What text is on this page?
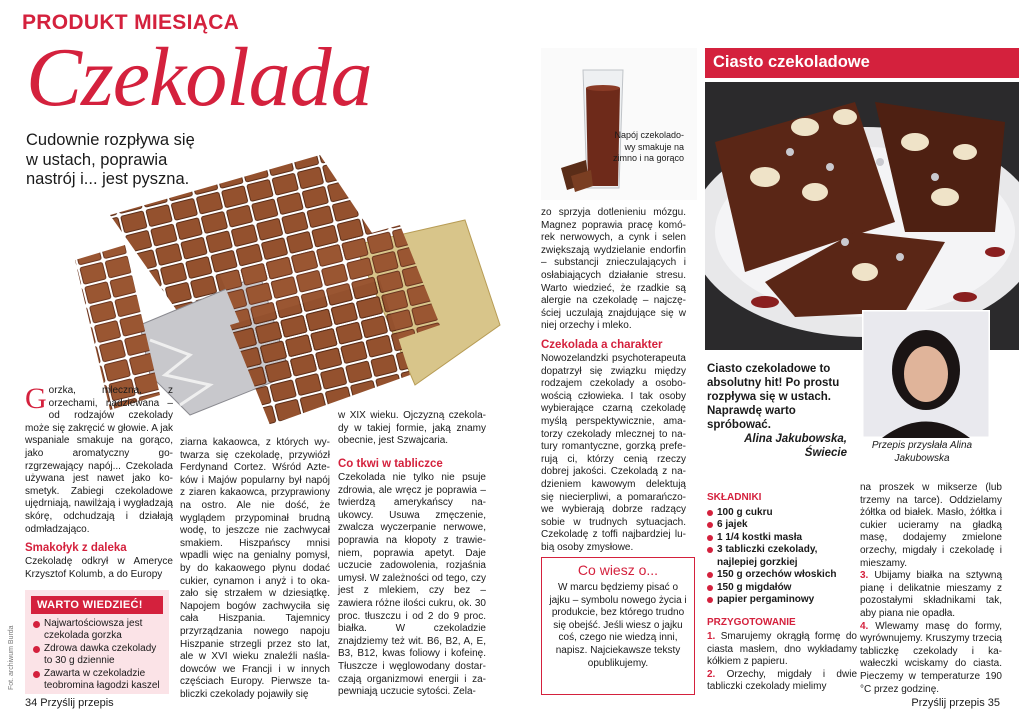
PRODUKT MIESIĄCA
Czekolada
Cudownie rozpływa się w ustach, poprawia nastrój i... jest pyszna.
Gorzka, mleczna, z orzechami, nadziewana – od rodzajów czekolady może się zakręcić w głowie. A jak wspaniale smakuje na gorąco, jako aromatyczny gorzgrzewający napój... Czekolada używana jest nawet jako kosmetyk. Zabiegi czekoladowe ujędrniają, nawilżają i wygładzają skórę, odchudzają i działają odmładzająco.
Smakołyk z daleka
Czekoladę odkrył w Ameryce Krzysztof Kolumb, a do Europy
WARTO WIEDZIEĆ!
Najwartościowsza jest czekolada gorzka
Zdrowa dawka czekolady to 30 g dziennie
Zawarta w czekoladzie teobromina łagodzi kaszel
Fot. archiwum Burda
ziarna kakaowca, z których wytwarza się czekoladę, przywiózł Ferdynand Cortez. Wśród Azteków i Majów popularny był napój z ziaren kakaowca, przyprawiony na ostro. Ale nie dość, że wyglądem przypominał brudną wodę, to jeszcze nie zachwycał smakiem. Hiszpańscy mnisi wpadli więc na genialny pomysł, by do kakaowego płynu dodać cukier, cynamon i anyż i to okazało się strzałem w dziesiątkę. Napojem bogów zachwyciła się cała Hiszpania. Tajemnicy przyrządzania nowego napoju Hiszpanie strzegli przez sto lat, ale w XVI wieku znaleźli naśladowców we Francji i w innych częściach Europy. Pierwsze tabliczki czekolady pojawiły się
w XIX wieku. Ojczyzną czekolady w takiej formie, jaką znamy obecnie, jest Szwajcaria.
Co tkwi w tabliczce
Czekolada nie tylko nie psuje zdrowia, ale wręcz je poprawia – twierdzą amerykańscy naukowcy. Usuwa zmęczenie, zwalcza wyczerpanie nerwowe, poprawia na kłopoty z trawieniem, poprawia apetyt. Daje uczucie zadowolenia, rozjaśnia umysł. W zależności od tego, czy jest z mlekiem, czy bez – zawiera różne ilości cukru, ok. 30 proc. tłuszczu i od 2 do 9 proc. białka. W czekoladzie znajdziemy też wit. B6, B2, A, E, B3, B12, kwas foliowy i kofeinę. Tłuszcze i węglowodany dostarczają organizmowi energii i zapewniają uczucie sytości. Zela-
34 Przyślij przepis
Napój czekoladowy smakuje na zimno i na gorąco
zo sprzyja dotlenieniu mózgu. Magnez poprawia pracę komórek nerwowych, a cynk i selen zwiększają wydzielanie endorfin – substancji znieczulających i osłabiających działanie stresu. Warto wiedzieć, że rzadkie są alergie na czekoladę – najczęściej uczulają znajdujące się w niej orzechy i mleko.
Czekolada a charakter
Nowozelandzki psychoterapeuta dopatrzył się związku między rodzajem czekolady a osobowością człowieka. I tak osoby wybierające czarną czekoladę myślą perspektywicznie, amatorzy czekolady mlecznej to natury romantyczne, gorzką preferują ci, którzy cenią rzeczy dobrej jakości. Czekoladą z nadzieniem kawowym delektują się niecierpliwi, a pomarańczowe wybierają dobrze radzący sobie w trudnych sytuacjach. Czekoladę z toffi najbardziej lubią osoby zmysłowe.
Co wiesz o...
W marcu będziemy pisać o jajku – symbolu nowego życia i produkcie, bez którego trudno się obejść. Jeśli wiesz o jajku coś, czego nie wiedzą inni, napisz. Najciekawsze teksty opublikujemy.
Ciasto czekoladowe
Ciasto czekoladowe to absolutny hit! Po prostu rozpływa się w ustach. Naprawdę warto spróbować.
Alina Jakubowska, Świecie
Przepis przysłała Alina Jakubowska
SKŁADNIKI
100 g cukru
6 jajek
1 1/4 kostki masła
3 tabliczki czekolady, najlepiej gorzkiej
150 g orzechów włoskich
150 g migdałów
papier pergaminowy
PRZYGOTOWANIE
1. Smarujemy okrągłą formę do ciasta masłem, dno wykładamy kółkiem z papieru.
2. Orzechy, migdały i dwie tabliczki czekolady mielimy
na proszek w mikserze (lub trzemy na tarce). Oddzielamy żółtka od białek. Masło, żółtka i cukier ucieramy na gładką masę, dodajemy zmielone orzechy, migdały i czekoladę i mieszamy.
3. Ubijamy białka na sztywną pianę i delikatnie mieszamy z pozostałymi składnikami tak, aby piana nie opadła.
4. Wlewamy masę do formy, wyrównujemy. Kruszymy trzecią tabliczkę czekolady i kawałeczki wciskamy do ciasta. Pieczemy w temperaturze 190 °C przez godzinę.
Przyślij przepis 35
